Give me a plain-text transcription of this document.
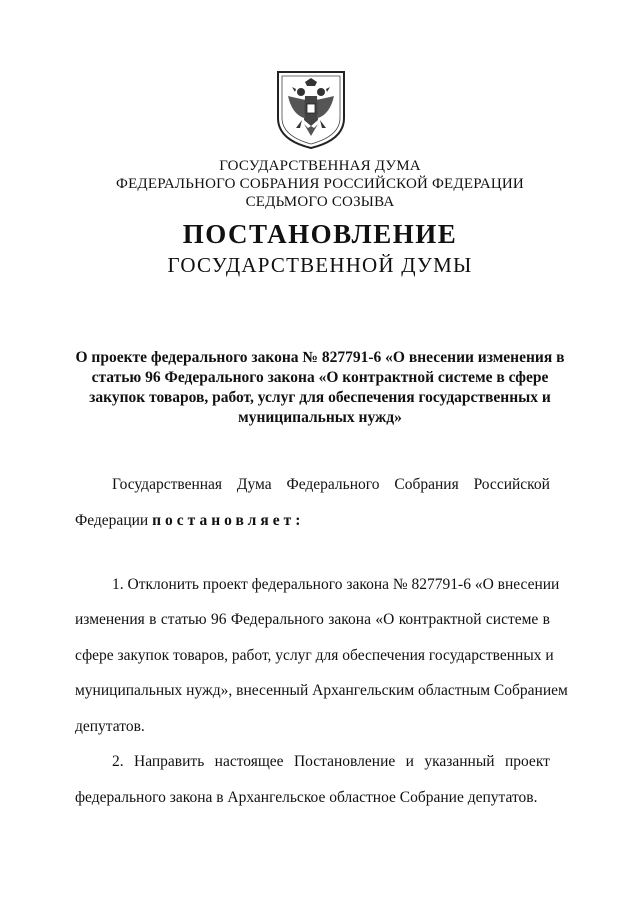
ГОСУДАРСТВЕННАЯ ДУМА
ФЕДЕРАЛЬНОГО СОБРАНИЯ РОССИЙСКОЙ ФЕДЕРАЦИИ
СЕДЬМОГО СОЗЫВА
ПОСТАНОВЛЕНИЕ
ГОСУДАРСТВЕННОЙ ДУМЫ
О проекте федерального закона № 827791-6 «О внесении изменения в
статью 96 Федерального закона «О контрактной системе в сфере
закупок товаров, работ, услуг для обеспечения государственных и
муниципальных нужд»
Государственная Дума Федерального Собрания Российской
Федерации постановляет:
1. Отклонить проект федерального закона № 827791-6 «О внесении
изменения в статью 96 Федерального закона «О контрактной системе в
сфере закупок товаров, работ, услуг для обеспечения государственных и
муниципальных нужд», внесенный Архангельским областным Собранием
депутатов.
2. Направить настоящее Постановление и указанный проект
федерального закона в Архангельское областное Собрание депутатов.
